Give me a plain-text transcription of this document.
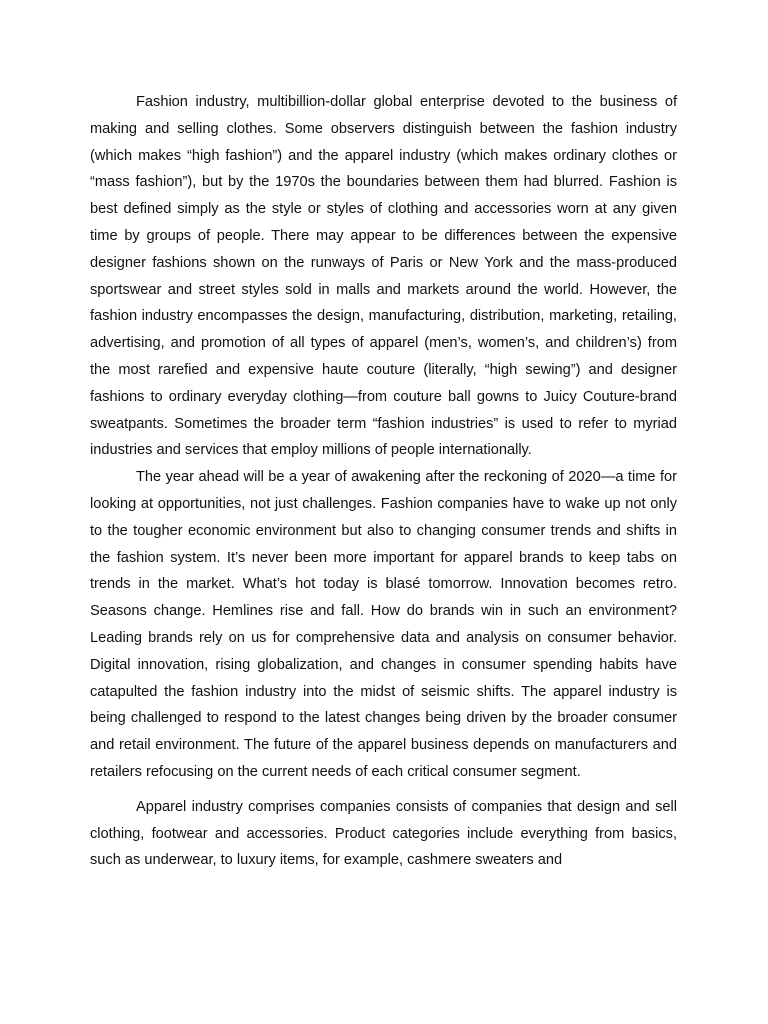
Fashion industry, multibillion-dollar global enterprise devoted to the business of making and selling clothes. Some observers distinguish between the fashion industry (which makes “high fashion”) and the apparel industry (which makes ordinary clothes or “mass fashion”), but by the 1970s the boundaries between them had blurred. Fashion is best defined simply as the style or styles of clothing and accessories worn at any given time by groups of people. There may appear to be differences between the expensive designer fashions shown on the runways of Paris or New York and the mass-produced sportswear and street styles sold in malls and markets around the world. However, the fashion industry encompasses the design, manufacturing, distribution, marketing, retailing, advertising, and promotion of all types of apparel (men’s, women’s, and children’s) from the most rarefied and expensive haute couture (literally, “high sewing”) and designer fashions to ordinary everyday clothing—from couture ball gowns to Juicy Couture-brand sweatpants. Sometimes the broader term “fashion industries” is used to refer to myriad industries and services that employ millions of people internationally.

The year ahead will be a year of awakening after the reckoning of 2020—a time for looking at opportunities, not just challenges. Fashion companies have to wake up not only to the tougher economic environment but also to changing consumer trends and shifts in the fashion system. It’s never been more important for apparel brands to keep tabs on trends in the market. What’s hot today is blasé tomorrow. Innovation becomes retro. Seasons change. Hemlines rise and fall. How do brands win in such an environment? Leading brands rely on us for comprehensive data and analysis on consumer behavior. Digital innovation, rising globalization, and changes in consumer spending habits have catapulted the fashion industry into the midst of seismic shifts. The apparel industry is being challenged to respond to the latest changes being driven by the broader consumer and retail environment. The future of the apparel business depends on manufacturers and retailers refocusing on the current needs of each critical consumer segment.

Apparel industry comprises companies consists of companies that design and sell clothing, footwear and accessories. Product categories include everything from basics, such as underwear, to luxury items, for example, cashmere sweaters and
